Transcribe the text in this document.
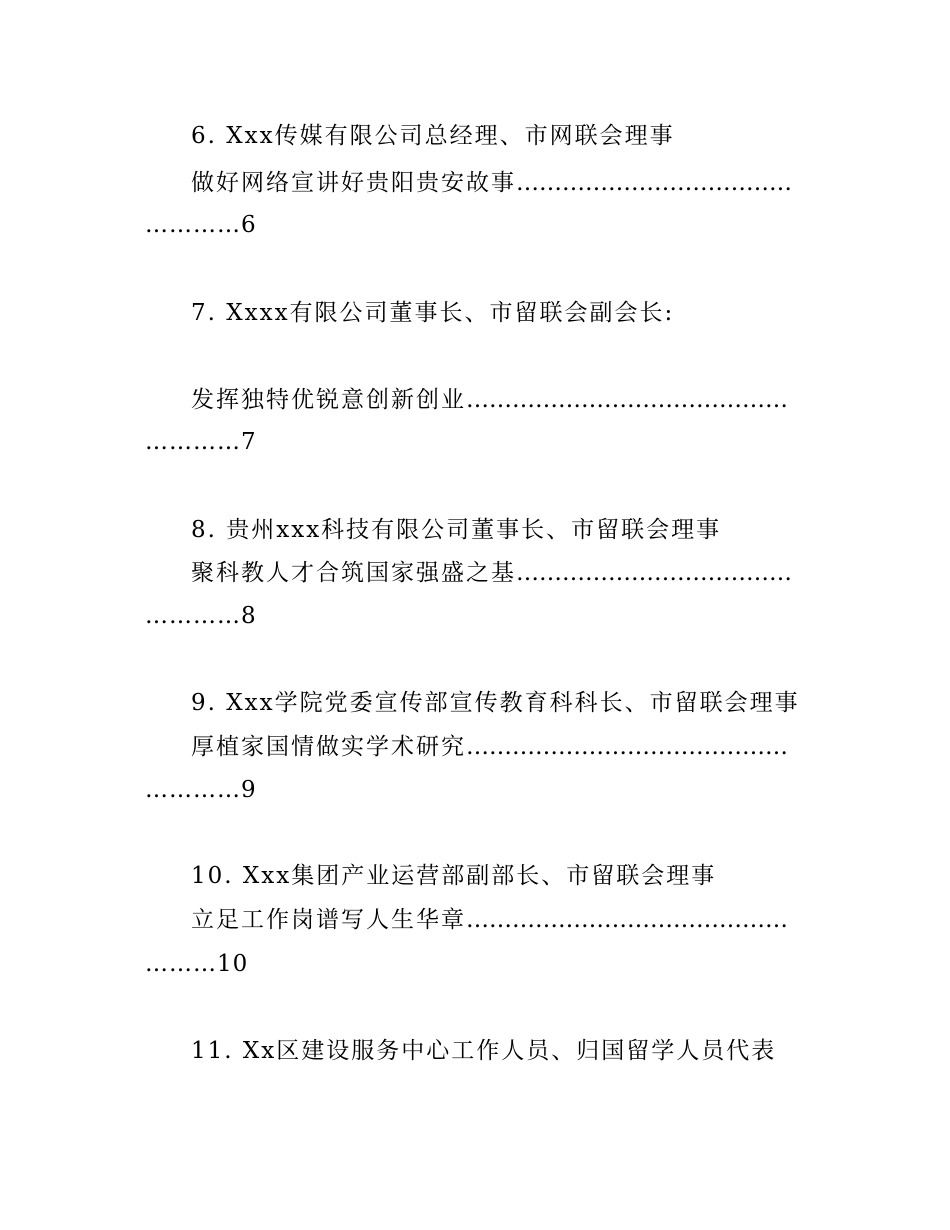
6. Xxx传媒有限公司总经理、市网联会理事
做好网络宣讲好贵阳贵安故事………………………………
…………6
7. Xxxx有限公司董事长、市留联会副会长:
发挥独特优锐意创新创业……………………………………
…………7
8. 贵州xxx科技有限公司董事长、市留联会理事
聚科教人才合筑国家强盛之基………………………………
…………8
9. Xxx学院党委宣传部宣传教育科科长、市留联会理事
厚植家国情做实学术研究……………………………………
…………9
10. Xxx集团产业运营部副部长、市留联会理事
立足工作岗谱写人生华章……………………………………
………10
11. Xx区建设服务中心工作人员、归国留学人员代表
